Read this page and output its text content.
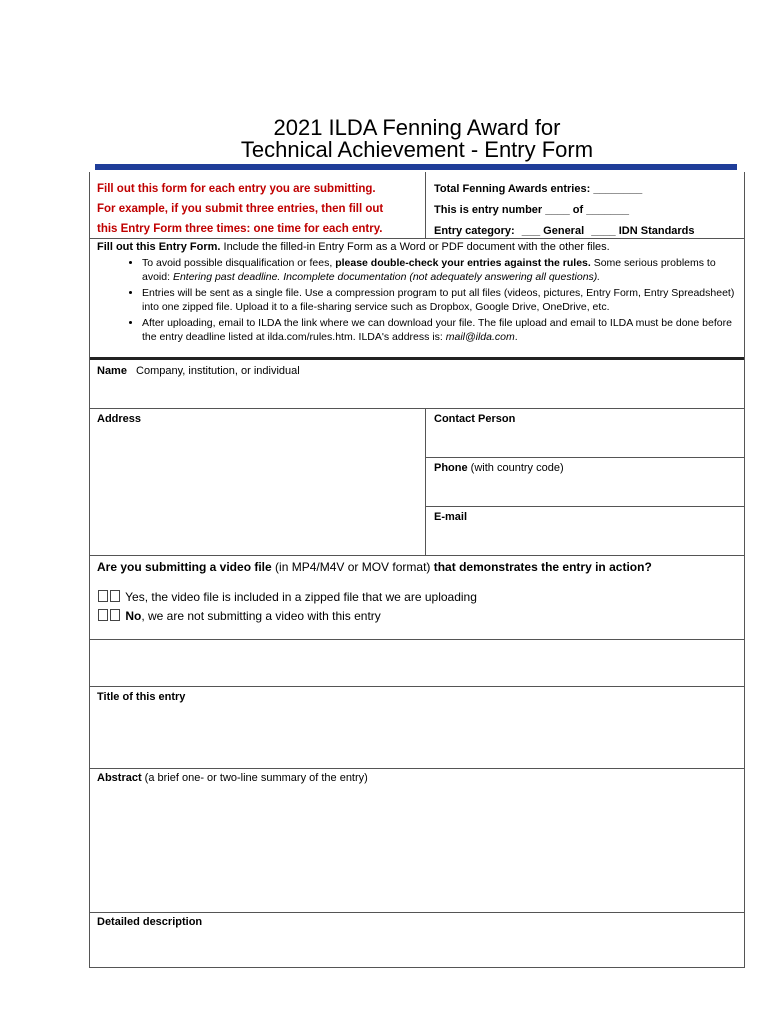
2021 ILDA Fenning Award for
Technical Achievement - Entry Form
Fill out this form for each entry you are submitting.
For example, if you submit three entries, then fill out
this Entry Form three times: one time for each entry.
Total Fenning Awards entries: ________
This is entry number ____ of _______
Entry category: ___ General ____ IDN Standards
Fill out this Entry Form. Include the filled-in Entry Form as a Word or PDF document with the other files.
• To avoid possible disqualification or fees, please double-check your entries against the rules. Some serious problems to avoid: Entering past deadline. Incomplete documentation (not adequately answering all questions).
• Entries will be sent as a single file. Use a compression program to put all files (videos, pictures, Entry Form, Entry Spreadsheet) into one zipped file. Upload it to a file-sharing service such as Dropbox, Google Drive, OneDrive, etc.
• After uploading, email to ILDA the link where we can download your file. The file upload and email to ILDA must be done before the entry deadline listed at ilda.com/rules.htm. ILDA's address is: mail@ilda.com.
Name Company, institution, or individual
Address	Contact Person
Phone (with country code)
E-mail
Are you submitting a video file (in MP4/M4V or MOV format) that demonstrates the entry in action?
Yes, the video file is included in a zipped file that we are uploading
No, we are not submitting a video with this entry
Title of this entry
Abstract (a brief one- or two-line summary of the entry)
Detailed description
